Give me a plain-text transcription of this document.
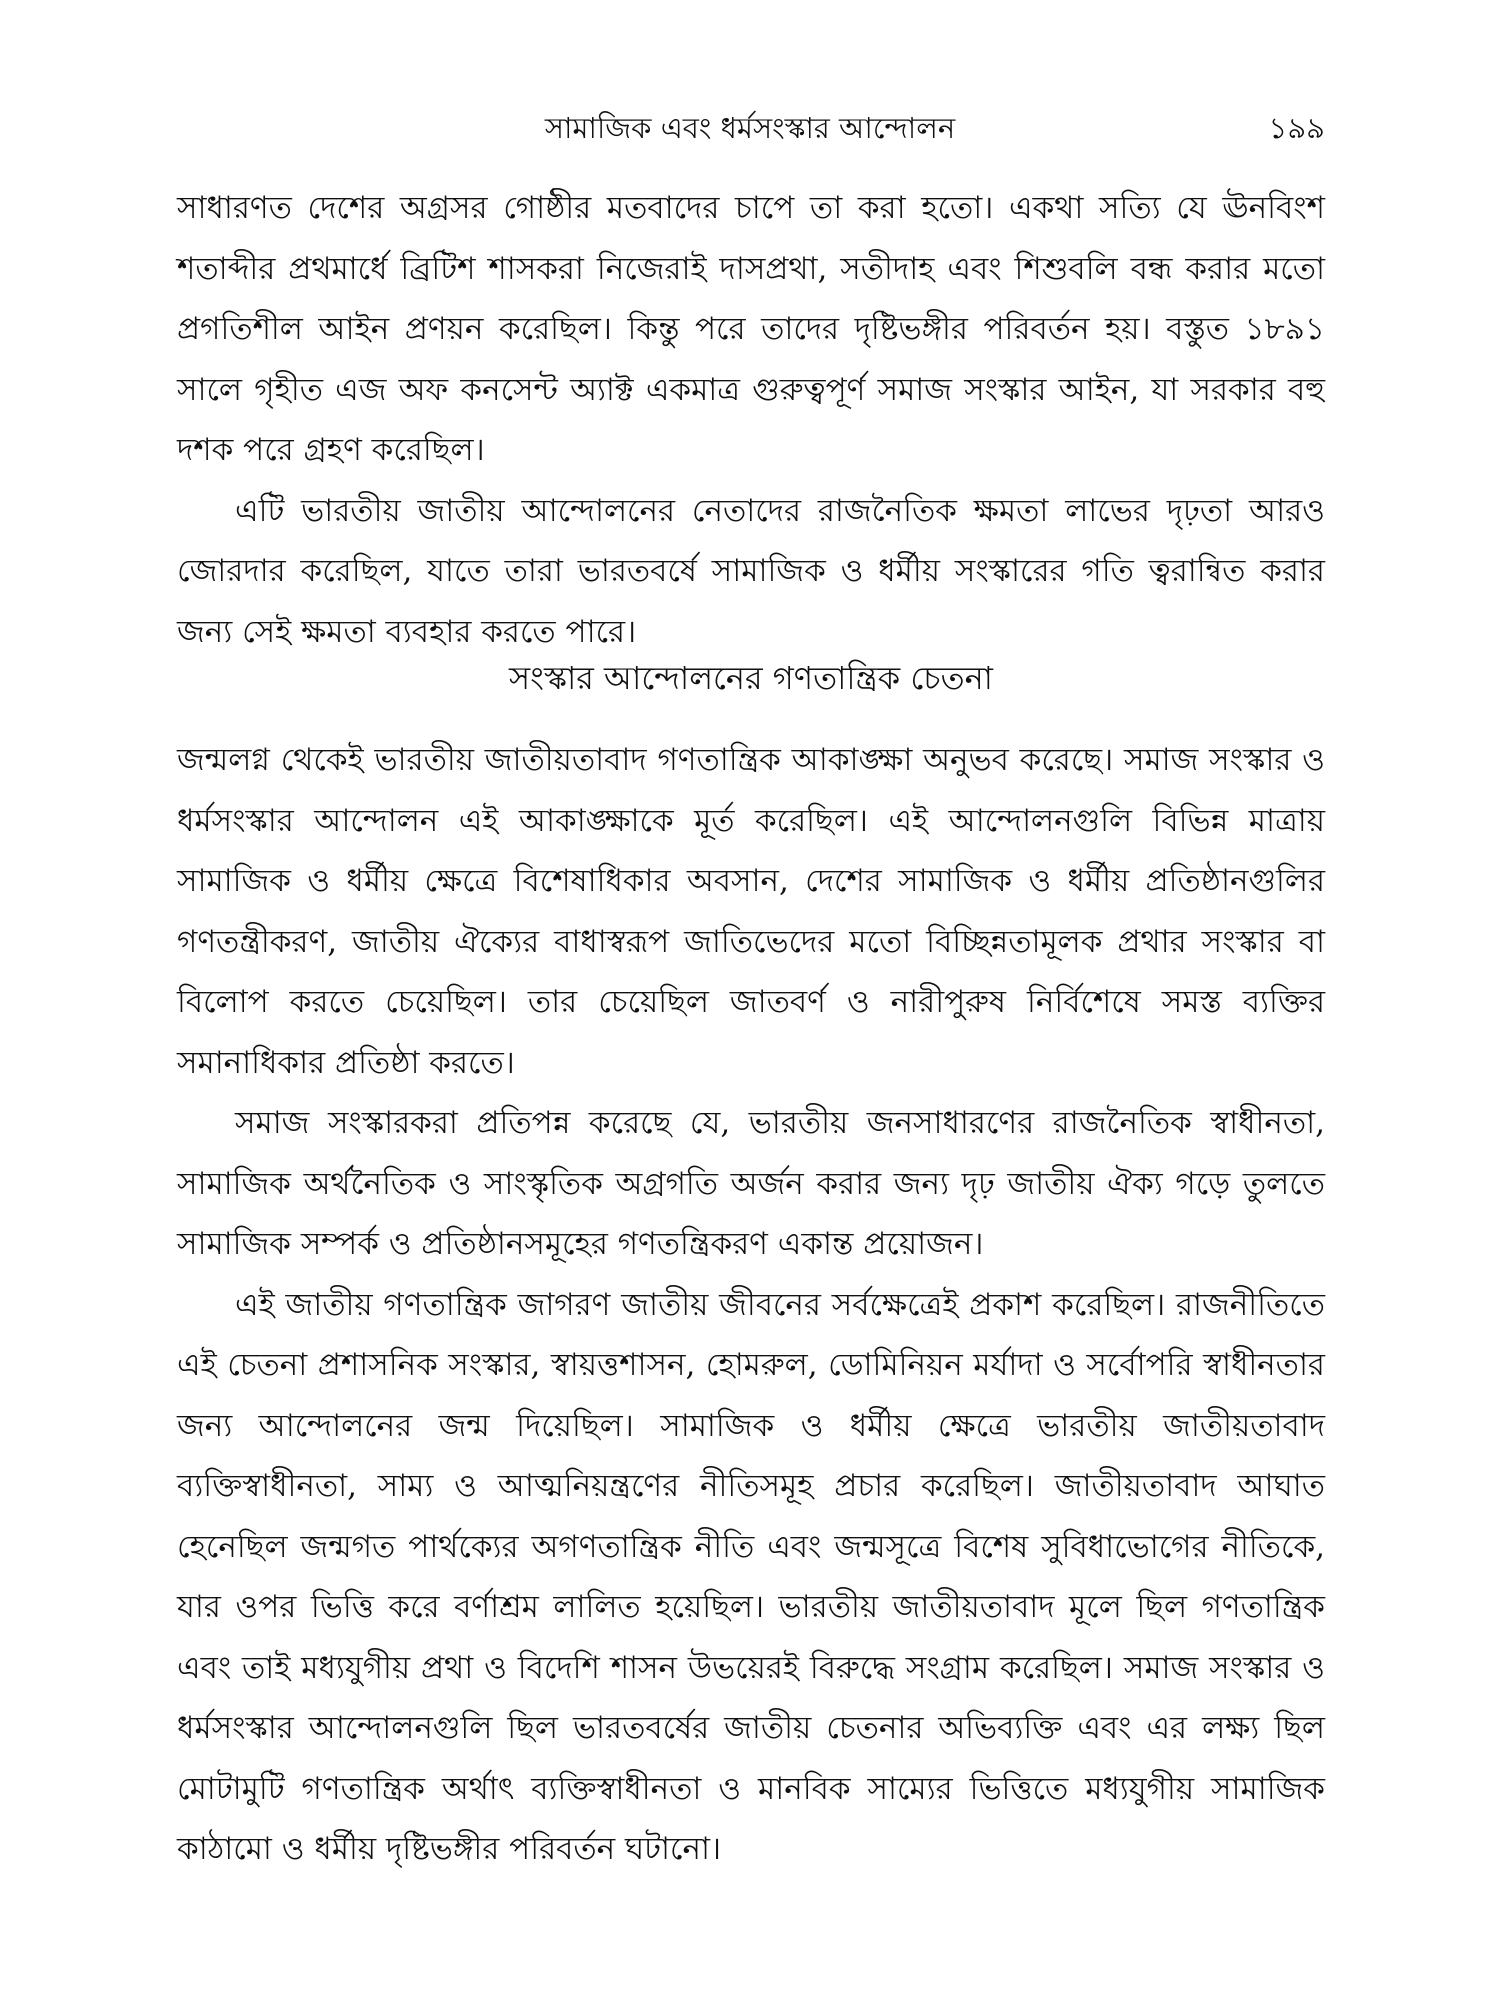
সামাজিক এবং ধর্মসংস্কার আন্দোলন	১৯৯

সাধারণত দেশের অগ্রসর গোষ্ঠীর মতবাদের চাপে তা করা হতো। একথা সত্যি যে ঊনবিংশ শতাব্দীর প্রথমার্ধে ব্রিটিশ শাসকরা নিজেরাই দাসপ্রথা, সতীদাহ এবং শিশুবলি বন্ধ করার মতো প্রগতিশীল আইন প্রণয়ন করেছিল। কিন্তু পরে তাদের দৃষ্টিভঙ্গীর পরিবর্তন হয়। বস্তুত ১৮৯১ সালে গৃহীত এজ অফ কনসেন্ট অ্যাক্ট একমাত্র গুরুত্বপূর্ণ সমাজ সংস্কার আইন, যা সরকার বহু দশক পরে গ্রহণ করেছিল।

এটি ভারতীয় জাতীয় আন্দোলনের নেতাদের রাজনৈতিক ক্ষমতা লাভের দৃঢ়তা আরও জোরদার করেছিল, যাতে তারা ভারতবর্ষে সামাজিক ও ধর্মীয় সংস্কারের গতি ত্বরান্বিত করার জন্য সেই ক্ষমতা ব্যবহার করতে পারে।

সংস্কার আন্দোলনের গণতান্ত্রিক চেতনা

জন্মলগ্ন থেকেই ভারতীয় জাতীয়তাবাদ গণতান্ত্রিক আকাঙ্ক্ষা অনুভব করেছে। সমাজ সংস্কার ও ধর্মসংস্কার আন্দোলন এই আকাঙ্ক্ষাকে মূর্ত করেছিল। এই আন্দোলনগুলি বিভিন্ন মাত্রায় সামাজিক ও ধর্মীয় ক্ষেত্রে বিশেষাধিকার অবসান, দেশের সামাজিক ও ধর্মীয় প্রতিষ্ঠানগুলির গণতন্ত্রীকরণ, জাতীয় ঐক্যের বাধাস্বরূপ জাতিভেদের মতো বিচ্ছিন্নতামূলক প্রথার সংস্কার বা বিলোপ করতে চেয়েছিল। তার চেয়েছিল জাতবর্ণ ও নারীপুরুষ নির্বিশেষে সমস্ত ব্যক্তির সমানাধিকার প্রতিষ্ঠা করতে।

সমাজ সংস্কারকরা প্রতিপন্ন করেছে যে, ভারতীয় জনসাধারণের রাজনৈতিক স্বাধীনতা, সামাজিক অর্থনৈতিক ও সাংস্কৃতিক অগ্রগতি অর্জন করার জন্য দৃঢ় জাতীয় ঐক্য গড়ে তুলতে সামাজিক সম্পর্ক ও প্রতিষ্ঠানসমূহের গণতন্ত্রিকরণ একান্ত প্রয়োজন।

এই জাতীয় গণতান্ত্রিক জাগরণ জাতীয় জীবনের সর্বক্ষেত্রেই প্রকাশ করেছিল। রাজনীতিতে এই চেতনা প্রশাসনিক সংস্কার, স্বায়ত্তশাসন, হোমরুল, ডোমিনিয়ন মর্যাদা ও সর্বোপরি স্বাধীনতার জন্য আন্দোলনের জন্ম দিয়েছিল। সামাজিক ও ধর্মীয় ক্ষেত্রে ভারতীয় জাতীয়তাবাদ ব্যক্তিস্বাধীনতা, সাম্য ও আত্মনিয়ন্ত্রণের নীতিসমূহ প্রচার করেছিল। জাতীয়তাবাদ আঘাত হেনেছিল জন্মগত পার্থক্যের অগণতান্ত্রিক নীতি এবং জন্মসূত্রে বিশেষ সুবিধাভোগের নীতিকে, যার ওপর ভিত্তি করে বর্ণাশ্রম লালিত হয়েছিল। ভারতীয় জাতীয়তাবাদ মূলে ছিল গণতান্ত্রিক এবং তাই মধ্যযুগীয় প্রথা ও বিদেশি শাসন উভয়েরই বিরুদ্ধে সংগ্রাম করেছিল। সমাজ সংস্কার ও ধর্মসংস্কার আন্দোলনগুলি ছিল ভারতবর্ষের জাতীয় চেতনার অভিব্যক্তি এবং এর লক্ষ্য ছিল মোটামুটি গণতান্ত্রিক অর্থাৎ ব্যক্তিস্বাধীনতা ও মানবিক সাম্যের ভিত্তিতে মধ্যযুগীয় সামাজিক কাঠামো ও ধর্মীয় দৃষ্টিভঙ্গীর পরিবর্তন ঘটানো।
